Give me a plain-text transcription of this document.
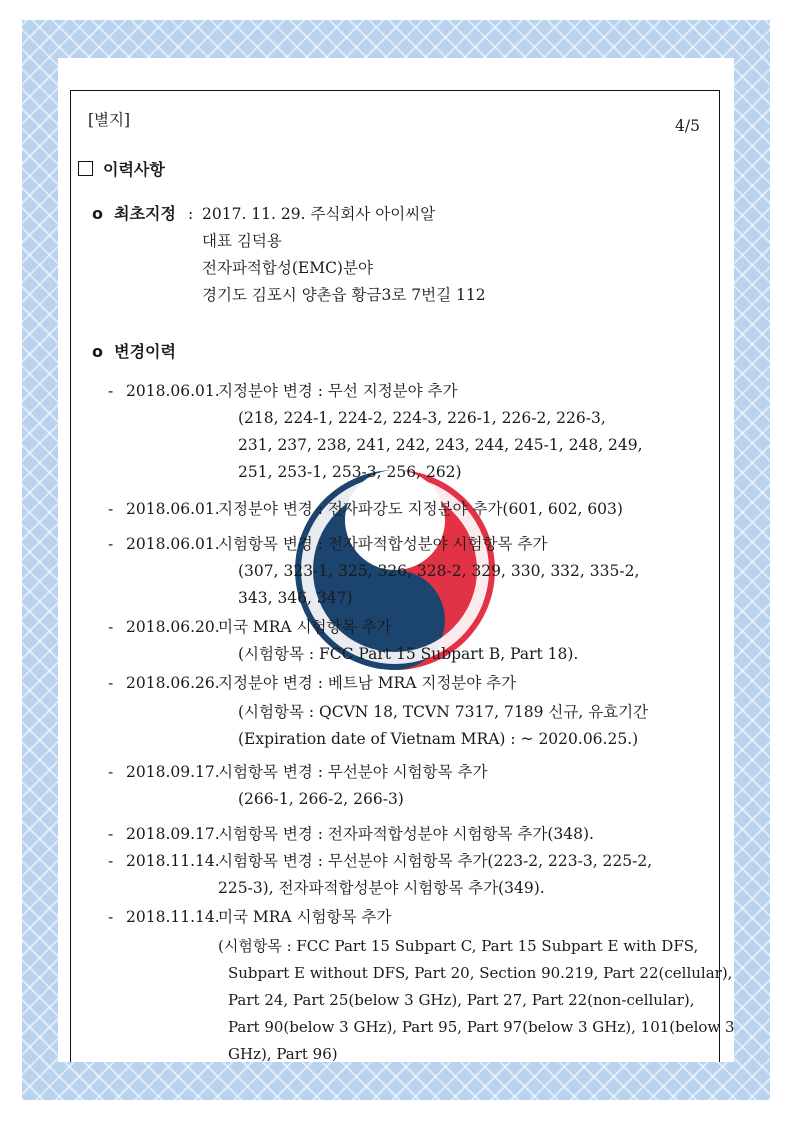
[별지]	4/5
이력사항
o 최초지정 : 2017. 11. 29. 주식회사 아이씨알
대표 김덕용
전자파적합성(EMC)분야
경기도 김포시 양촌읍 황금3로 7번길 112
o 변경이력
- 2018.06.01.
지정분야 변경 : 무선 지정분야 추가
(218, 224-1, 224-2, 224-3, 226-1, 226-2, 226-3,
231, 237, 238, 241, 242, 243, 244, 245-1, 248, 249,
251, 253-1, 253-3, 256, 262)
- 2018.06.01.
지정분야 변경 : 전자파강도 지정분야 추가(601, 602, 603)
- 2018.06.01.
시험항목 변경 : 전자파적합성분야 시험항목 추가
(307, 323-1, 325, 326, 328-2, 329, 330, 332, 335-2,
343, 346, 347)
- 2018.06.20.
미국 MRA 시험항목 추가
(시험항목 : FCC Part 15 Subpart B, Part 18).
- 2018.06.26.
지정분야 변경 : 베트남 MRA 지정분야 추가
(시험항목 : QCVN 18, TCVN 7317, 7189 신규, 유효기간
(Expiration date of Vietnam MRA) : ~ 2020.06.25.)
- 2018.09.17.
시험항목 변경 : 무선분야 시험항목 추가
(266-1, 266-2, 266-3)
- 2018.09.17.
시험항목 변경 : 전자파적합성분야 시험항목 추가(348).
- 2018.11.14.
시험항목 변경 : 무선분야 시험항목 추가(223-2, 223-3, 225-2,
225-3), 전자파적합성분야 시험항목 추가(349).
- 2018.11.14.
미국 MRA 시험항목 추가
(시험항목 : FCC Part 15 Subpart C, Part 15 Subpart E with DFS,
Subpart E without DFS, Part 20, Section 90.219, Part 22(cellular),
Part 24, Part 25(below 3 GHz), Part 27, Part 22(non-cellular),
Part 90(below 3 GHz), Part 95, Part 97(below 3 GHz), 101(below 3
GHz), Part 96)
